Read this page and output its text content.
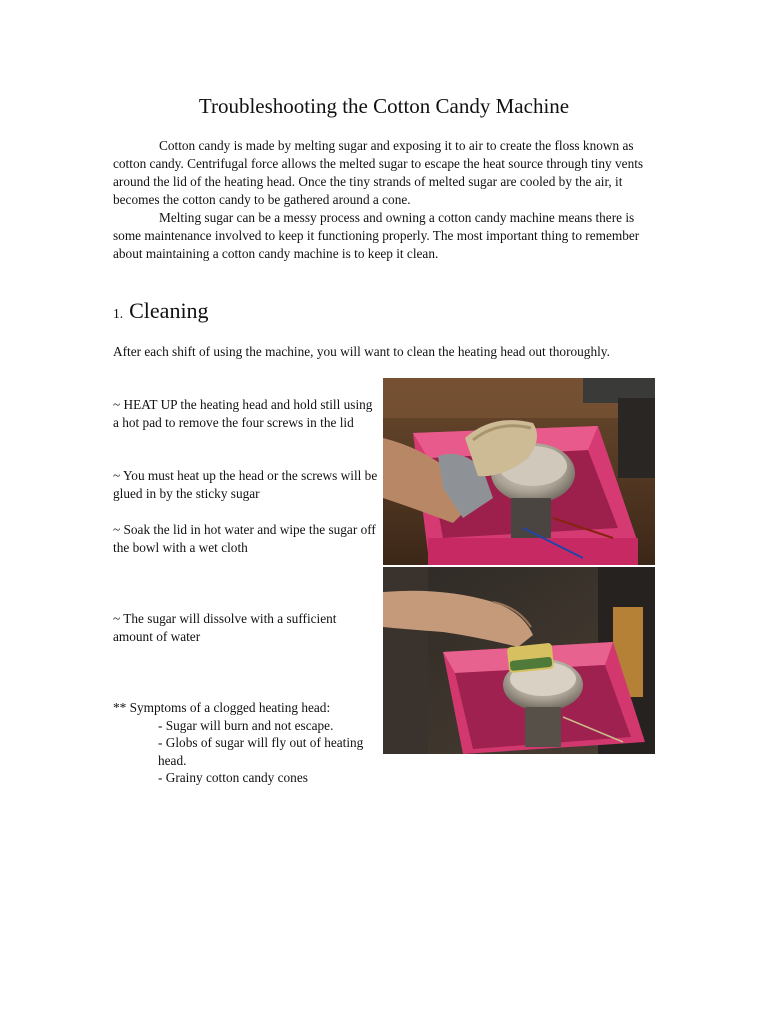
Troubleshooting the Cotton Candy Machine

Cotton candy is made by melting sugar and exposing it to air to create the floss known as cotton candy. Centrifugal force allows the melted sugar to escape the heat source through tiny vents around the lid of the heating head. Once the tiny strands of melted sugar are cooled by the air, it becomes the cotton candy to be gathered around a cone.

Melting sugar can be a messy process and owning a cotton candy machine means there is some maintenance involved to keep it functioning properly. The most important thing to remember about maintaining a cotton candy machine is to keep it clean.

1. Cleaning

After each shift of using the machine, you will want to clean the heating head out thoroughly.

~ HEAT UP the heating head and hold still using a hot pad to remove the four screws in the lid

~ You must heat up the head or the screws will be glued in by the sticky sugar

~ Soak the lid in hot water and wipe the sugar off the bowl with a wet cloth

~ The sugar will dissolve with a sufficient amount of water

** Symptoms of a clogged heating head:

- Sugar will burn and not escape.
- Globs of sugar will fly out of heating head.
- Grainy cotton candy cones
